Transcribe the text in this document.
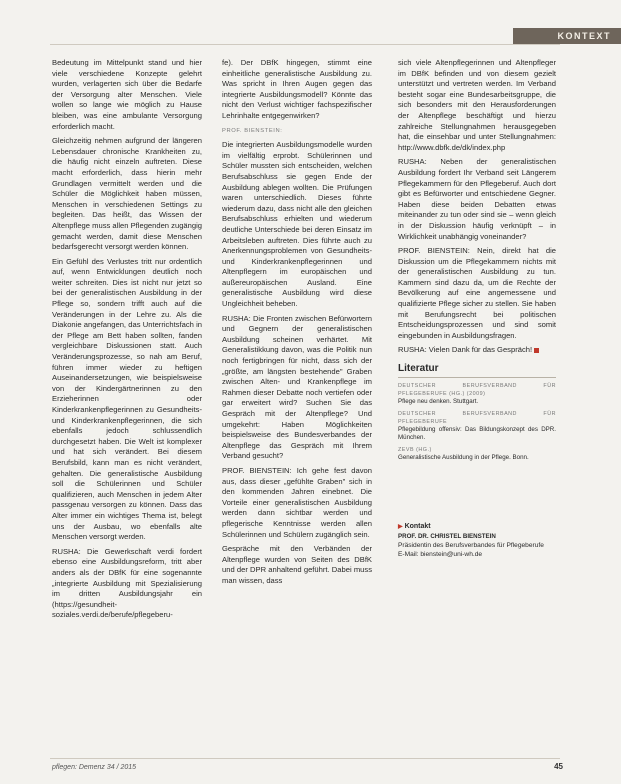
KONTEXT

Bedeutung im Mittelpunkt stand und hier viele verschiedene Konzepte gelehrt wurden, verlagerten sich über die Bedarfe der Versorgung alter Menschen. Viele wollen so lange wie möglich zu Hause bleiben, was eine ambulante Versorgung erforderlich macht.

Gleichzeitig nehmen aufgrund der längeren Lebensdauer chronische Krankheiten zu, die häufig nicht einzeln auftreten. Diese macht erforderlich, dass hierin mehr Grundlagen vermittelt werden und die Schüler die Möglichkeit haben müssen, Menschen in verschiedenen Settings zu begleiten. Das heißt, das Wissen der Altenpflege muss allen Pflegenden zugängig gemacht werden, damit diese Menschen bedarfsgerecht versorgt werden können.

Ein Gefühl des Verlustes tritt nur ordentlich auf, wenn Entwicklungen deutlich noch weiter schreiten. Dies ist nicht nur jetzt so bei der generalistischen Ausbildung in der Pflege so, sondern trifft auch auf die Veränderungen in der Lehre zu. Als die Diakonie angefangen, das Unterrichtsfach in der Pflege am Bett haben sollten, fanden vergleichbare Diskussionen statt. Auch Veränderungsprozesse, so nah am Beruf, führen immer wieder zu heftigen Auseinandersetzungen, wie beispielsweise von der Kindergärtnerinnen zu den Erzieherinnen oder Kinderkrankenpflegerinnen zu Gesundheits- und Kinderkrankenpflegerinnen, die sich ebenfalls jedoch schlussendlich durchgesetzt haben. Die Welt ist komplexer und hat sich verändert. Bei diesem Berufsbild, kann man es nicht verändert, gehalten. Die generalistische Ausbildung soll die Schülerinnen und Schüler qualifizieren, auch Menschen in jedem Alter passgenau versorgen zu können. Dass das Alter immer ein wichtiges Thema ist, belegt uns der Ausbau, wo ebenfalls alte Menschen versorgt werden.

RUSHA: Die Gewerkschaft verdi fordert ebenso eine Ausbildungsreform, tritt aber anders als der DBfK für eine sogenannte „integrierte Ausbildung mit Spezialisierung im dritten Ausbildungsjahr ein (https://gesundheit-soziales.verdi.de/berufe/pflegeberu-

fe). Der DBfK hingegen, stimmt eine einheitliche generalistische Ausbildung zu. Was spricht in Ihren Augen gegen das integrierte Ausbildungsmodell? Könnte das nicht den Verlust wichtiger fachspezifischer Lehrinhalte entgegenwirken?

PROF. BIENSTEIN:

Die integrierten Ausbildungsmodelle wurden im vielfältig erprobt. Schülerinnen und Schüler mussten sich entscheiden, welchen Berufsabschluss sie gegen Ende der Ausbildung ablegen wollten. Die Prüfungen waren unterschiedlich. Dieses führte wiederum dazu, dass nicht alle den gleichen Berufsabschluss erhielten und wiederum deutliche Unterschiede bei deren Einsatz im Arbeitsleben auftreten. Dies führte auch zu Anerkennungsproblemen von Gesundheits- und Kinderkrankenpflegerinnen und Altenpflegern im europäischen und außereuropäischen Ausland. Eine generalistische Ausbildung wird diese Ungleichheit beheben.

RUSHA: Die Fronten zwischen Befürwortern und Gegnern der generalistischen Ausbildung scheinen verhärtet. Mit Generalistikkung davon, was die Politik nun noch fertigbringen für nicht, dass sich der „größte, am längsten bestehende" Graben zwischen Alten- und Krankenpflege im Rahmen dieser Debatte noch vertiefen oder gar erweitert wird? Suchen Sie das Gespräch mit der Altenpflege? Und umgekehrt: Haben Möglichkeiten beispielsweise des Bundesverbandes der Altenpflege das Gespräch mit Ihrem Verband gesucht?

PROF. BIENSTEIN: Ich gehe fest davon aus, dass dieser „gefühlte Graben" sich in den kommenden Jahren einebnet. Die Vorteile einer generalistischen Ausbildung werden dann sichtbar werden und pflegerische Kenntnisse werden allen Schülerinnen und Schülern zugänglich sein.

Gespräche mit den Verbänden der Altenpflege wurden von Seiten des DBfK und der DPR anhaltend geführt. Dabei muss man wissen, dass

sich viele Altenpflegerinnen und Altenpfleger im DBfK befinden und von diesem gezielt unterstützt und vertreten werden. Im Verband besteht sogar eine Bundesarbeitsgruppe, die sich besonders mit den Herausforderungen der Altenpflege beschäftigt und hierzu zahlreiche Stellungnahmen herausgegeben hat, die einsehbar und unter Stellungnahmen: http://www.dbfk.de/dk/index.php

RUSHA: Neben der generalistischen Ausbildung fordert Ihr Verband seit Längerem Pflegekammern für den Pflegeberuf. Auch dort gibt es Befürworter und entschiedene Gegner. Haben diese beiden Debatten etwas miteinander zu tun oder sind sie – wenn gleich in der Diskussion häufig verknüpft – in Wirklichkeit unabhängig voneinander?

PROF. BIENSTEIN: Nein, direkt hat die Diskussion um die Pflegekammern nichts mit der generalistischen Ausbildung zu tun. Kammern sind dazu da, um die Rechte der Bevölkerung auf eine angemessene und qualifizierte Pflege sicher zu stellen. Sie haben mit Berufungsrecht bei politischen Entscheidungsprozessen und sind somit eingebunden in Ausbildungsfragen.

RUSHA: Vielen Dank für das Gespräch!

Literatur
DEUTSCHER BERUFSVERBAND FÜR PFLEGEBERUFE (HG.) (2009)
Pflege neu denken. Stuttgart.
DEUTSCHER BERUFSVERBAND FÜR PFLEGEBERUFE
Pflegebildung offensiv: Das Bildungskonzept des DPR. München.
ZEVB (HG.)
Generalistische Ausbildung in der Pflege. Bonn.
▶ Kontakt
PROF. DR. CHRISTEL BIENSTEIN
Präsidentin des Berufsverbandes für Pflegeberufe
E-Mail: bienstein@uni-wh.de
pflegen: Demenz 34 / 2015	45
